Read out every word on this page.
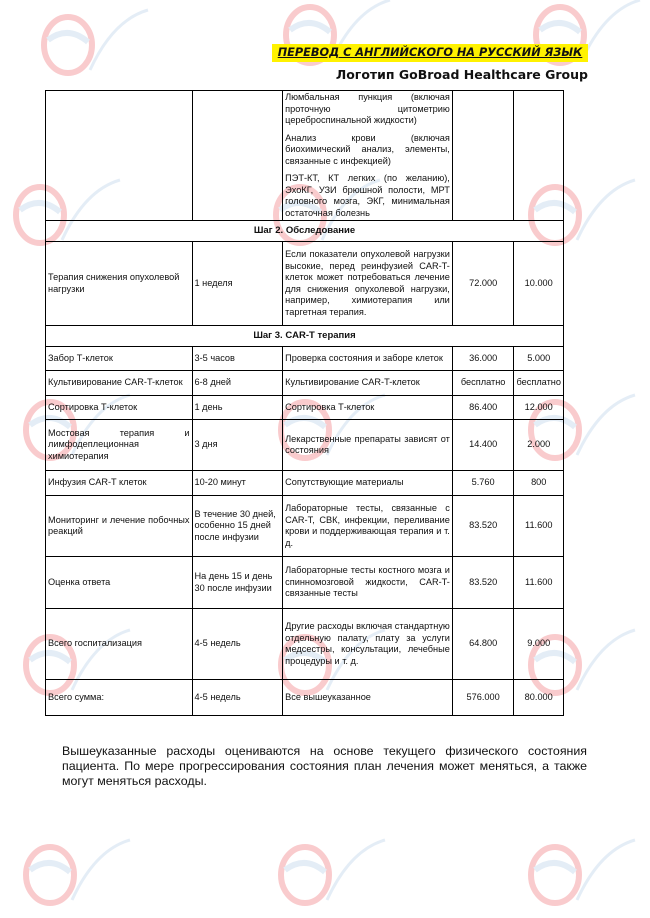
ПЕРЕВОД С АНГЛИЙСКОГО НА РУССКИЙ ЯЗЫК
Логотип GoBroad Healthcare Group

		Люмбальная пункция (включая проточную цитометрию цереброспинальной жидкости)
Анализ крови (включая биохимический анализ, элементы, связанные с инфекцией)
ПЭТ-КТ, КТ легких (по желанию), ЭхоКГ, УЗИ брюшной полости, МРТ головного мозга, ЭКГ, минимальная остаточная болезнь		

Шаг 2. Обследование				
Терапия снижения опухолевой нагрузки	1 неделя	Если показатели опухолевой нагрузки высокие, перед реинфузией CAR-T-клеток может потребоваться лечение для снижения опухолевой нагрузки, например, химиотерапия или таргетная терапия.	72.000	10.000
Шаг 3. CAR-T терапия				
Забор Т-клеток	3-5 часов	Проверка состояния и заборе клеток	36.000	5.000
Культивирование CAR-T-клеток	6-8 дней	Культивирование CAR-T-клеток	бесплатно	бесплатно
Сортировка Т-клеток	1 день	Сортировка Т-клеток	86.400	12.000
Мостовая терапия и лимфодеплеционная химиотерапия	3 дня	Лекарственные препараты зависят от состояния	14.400	2.000
Инфузия CAR-T клеток	10-20 минут	Сопутствующие материалы	5.760	800
Мониторинг и лечение побочных реакций	В течение 30 дней, особенно 15 дней после инфузии	Лабораторные тесты, связанные с CAR-T, СВК, инфекции, переливание крови и поддерживающая терапия и т. д.	83.520	11.600
Оценка ответа	На день 15 и день 30 после инфузии	Лабораторные тесты костного мозга и спинномозговой жидкости, CAR-T-связанные тесты	83.520	11.600
Всего госпитализация	4-5 недель	Другие расходы включая стандартную отдельную палату, плату за услуги медсестры, консультации, лечебные процедуры и т. д.	64.800	9.000
Всего сумма:	4-5 недель	Все вышеуказанное	576.000	80.000
Вышеуказанные расходы оцениваются на основе текущего физического состояния пациента. По мере прогрессирования состояния план лечения может меняться, а также могут меняться расходы.
